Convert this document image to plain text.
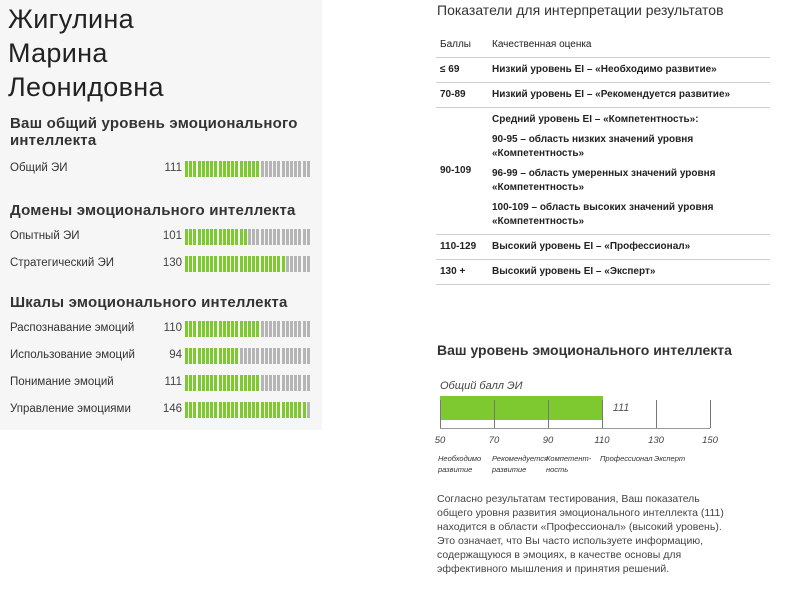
Жигулина
Марина
Леонидовна
Ваш общий уровень эмоционального интеллекта
Общий ЭИ	111
Домены эмоционального интеллекта
Опытный ЭИ	101
Стратегический ЭИ	130
Шкалы эмоционального интеллекта
Распознавание эмоций	110
Использование эмоций	94
Понимание эмоций	111
Управление эмоциями	146
Показатели для интерпретации результатов
Баллы	Качественная оценка
≤ 69	Низкий уровень EI – «Необходимо развитие»
70-89	Низкий уровень EI – «Рекомендуется развитие»
90-109	Средний уровень EI – «Компетентность»:
90-95 – область низких значений уровня «Компетентность»
96-99 – область умеренных значений уровня «Компетентность»
100-109 – область высоких значений уровня «Компетентность»

110-129	Высокий уровень EI – «Профессионал»
130 +	Высокий уровень EI – «Эксперт»
Ваш уровень эмоционального интеллекта
Общий балл ЭИ
111
50	70	90	110	130	150
Необходимо развитие
Рекомендуется развитие
Компетент-ность
Профессионал Эксперт
Согласно результатам тестирования, Ваш показатель общего уровня развития эмоционального интеллекта (111) находится в области «Профессионал» (высокий уровень). Это означает, что Вы часто используете информацию, содержащуюся в эмоциях, в качестве основы для эффективного мышления и принятия решений.
